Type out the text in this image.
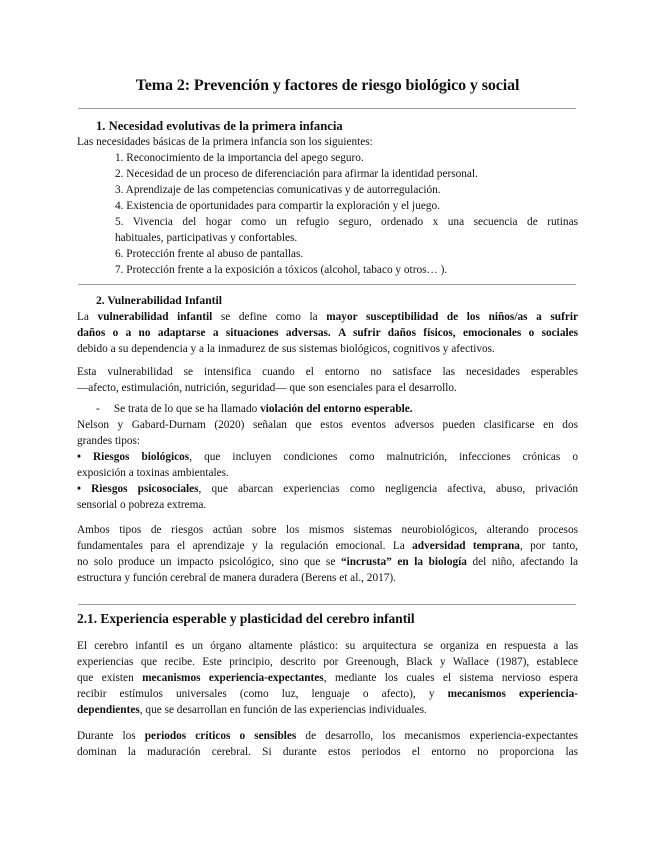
Tema 2: Prevención y factores de riesgo biológico y social
1. Necesidad evolutivas de la primera infancia
Las necesidades básicas de la primera infancia son los siguientes:
1. Reconocimiento de la importancia del apego seguro.
2. Necesidad de un proceso de diferenciación para afirmar la identidad personal.
3. Aprendizaje de las competencias comunicativas y de autorregulación.
4. Existencia de oportunidades para compartir la exploración y el juego.
5. Vivencia del hogar como un refugio seguro, ordenado x una secuencia de rutinas
habituales, participativas y confortables.
6. Protección frente al abuso de pantallas.
7. Protección frente a la exposición a tóxicos (alcohol, tabaco y otros… ).
2. Vulnerabilidad Infantil
La vulnerabilidad infantil se define como la mayor susceptibilidad de los niños/as a sufrir
daños o a no adaptarse a situaciones adversas. A sufrir daños físicos, emocionales o sociales
debido a su dependencia y a la inmadurez de sus sistemas biológicos, cognitivos y afectivos.
Esta vulnerabilidad se intensifica cuando el entorno no satisface las necesidades esperables
—afecto, estimulación, nutrición, seguridad— que son esenciales para el desarrollo.
- Se trata de lo que se ha llamado violación del entorno esperable.
Nelson y Gabard-Durnam (2020) señalan que estos eventos adversos pueden clasificarse en dos
grandes tipos:
• Riesgos biológicos, que incluyen condiciones como malnutrición, infecciones crónicas o
exposición a toxinas ambientales.
• Riesgos psicosociales, que abarcan experiencias como negligencia afectiva, abuso, privación
sensorial o pobreza extrema.
Ambos tipos de riesgos actúan sobre los mismos sistemas neurobiológicos, alterando procesos
fundamentales para el aprendizaje y la regulación emocional. La adversidad temprana, por tanto,
no solo produce un impacto psicológico, sino que se “incrusta” en la biología del niño, afectando la
estructura y función cerebral de manera duradera (Berens et al., 2017).
2.1. Experiencia esperable y plasticidad del cerebro infantil
El cerebro infantil es un órgano altamente plástico: su arquitectura se organiza en respuesta a las
experiencias que recibe. Este principio, descrito por Greenough, Black y Wallace (1987), establece
que existen mecanismos experiencia-expectantes, mediante los cuales el sistema nervioso espera
recibir estímulos universales (como luz, lenguaje o afecto), y mecanismos experiencia-
dependientes, que se desarrollan en función de las experiencias individuales.
Durante los periodos críticos o sensibles de desarrollo, los mecanismos experiencia-expectantes
dominan la maduración cerebral. Si durante estos periodos el entorno no proporciona las
